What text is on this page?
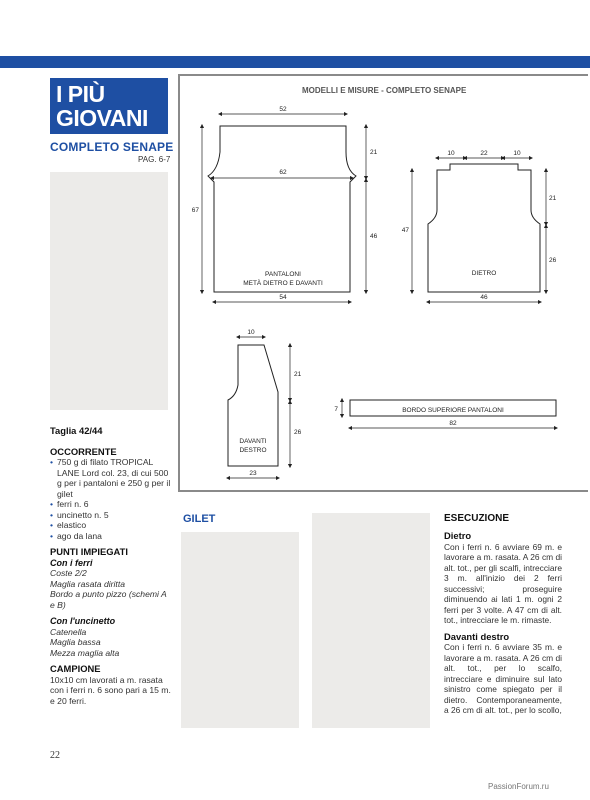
I PIÙ
GIOVANI
COMPLETO SENAPE
PAG. 6-7
Taglia 42/44
OCCORRENTE
• 750 g di filato TROPICAL LANE Lord col. 23, di cui 500 g per i pantaloni e 250 g per il gilet
• ferri n. 6
• uncinetto n. 5
• elastico
• ago da lana
PUNTI IMPIEGATI
Con i ferri
Coste 2/2
Maglia rasata diritta
Bordo a punto pizzo (schemi A e B)
Con l'uncinetto
Catenella
Maglia bassa
Mezza maglia alta
CAMPIONE
10x10 cm lavorati a m. rasata con i ferri n. 6 sono pari a 15 m. e 20 ferri.
MODELLI E MISURE - COMPLETO SENAPE
52
62
54
67
21
46
PANTALONI
METÀ DIETRO E DAVANTI
10	22	10
47
21
26
46
DIETRO
10
21
26
23
DAVANTI
DESTRO
7	BORDO SUPERIORE PANTALONI
82
GILET	ESECUZIONE
Dietro
Con i ferri n. 6 avviare 69 m. e lavorare a m. rasata. A 26 cm di alt. tot., per gli scalfi, intrecciare 3 m. all'inizio dei 2 ferri successivi; proseguire diminuendo ai lati 1 m. ogni 2 ferri per 3 volte. A 47 cm di alt. tot., intrecciare le m. rimaste.
Davanti destro
Con i ferri n. 6 avviare 35 m. e lavorare a m. rasata. A 26 cm di alt. tot., per lo scalfo, intrecciare e diminuire sul lato sinistro come spiegato per il dietro. Contemporaneamente, a 26 cm di alt. tot., per lo scollo,
22
PassionForum.ru
